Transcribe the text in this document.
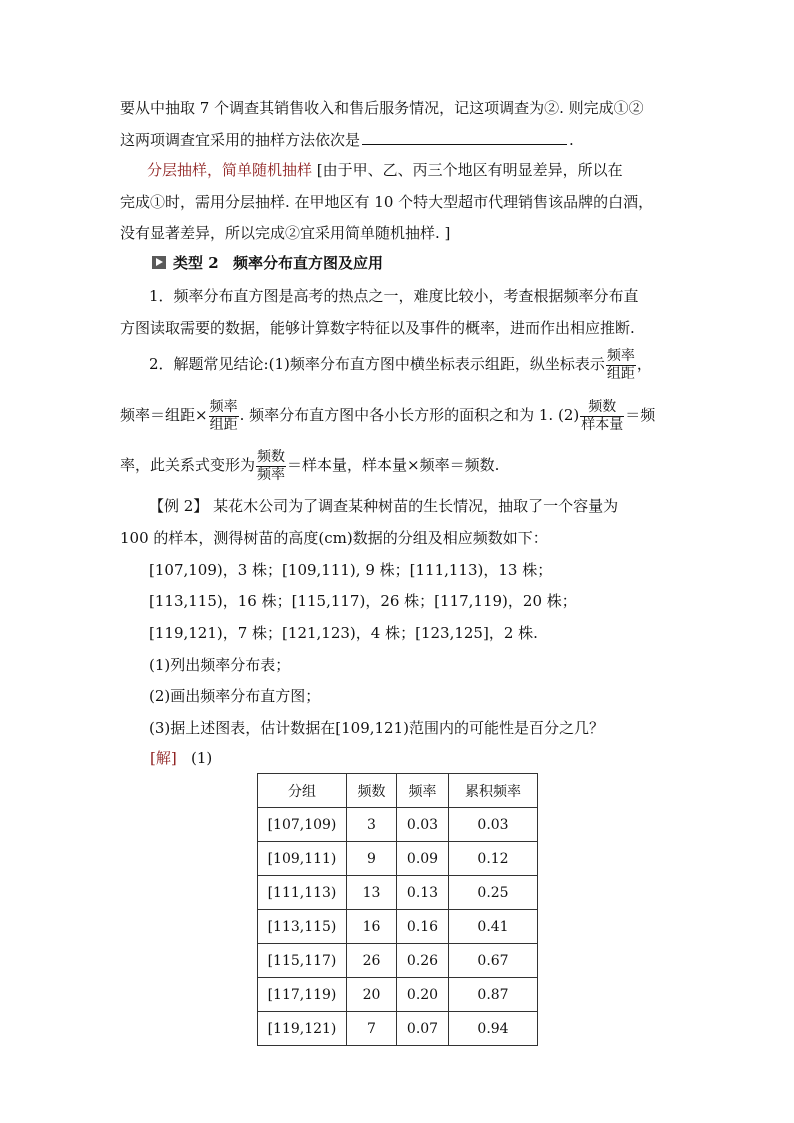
要从中抽取 7 个调查其销售收入和售后服务情况，记这项调查为②. 则完成①②
这两项调查宜采用的抽样方法依次是	.
分层抽样，简单随机抽样 [由于甲、乙、丙三个地区有明显差异，所以在
完成①时，需用分层抽样. 在甲地区有 10 个特大型超市代理销售该品牌的白酒，
没有显著差异，所以完成②宜采用简单随机抽样. ]
类型 2 频率分布直方图及应用
1．频率分布直方图是高考的热点之一，难度比较小，考查根据频率分布直
方图读取需要的数据，能够计算数字特征以及事件的概率，进而作出相应推断.
2．解题常见结论:(1)频率分布直方图中横坐标表示组距，纵坐标表示 $\frac{\text{频率}}{\text{组距}}$ ，
频率＝组距× $\frac{\text{频率}}{\text{组距}}$ . 频率分布直方图中各小长方形的面积之和为 1. $(2) \frac{\text{频数}}{\text{样本量}}$ ＝频
率，此关系式变形为 $\frac{\text{频数}}{\text{频率}}$ ＝样本量，样本量×频率＝频数.
【例 2】 某花木公司为了调查某种树苗的生长情况，抽取了一个容量为
100 的样本，测得树苗的高度(cm)数据的分组及相应频数如下：
[107,109)，3 株；[109,111), 9 株；[111,113)，13 株；
[113,115)，16 株；[115,117)，26 株；[117,119)，20 株；
[119,121)，7 株；[121,123)，4 株；[123,125]，2 株.
(1)列出频率分布表；
(2)画出频率分布直方图；
(3)据上述图表，估计数据在[109,121)范围内的可能性是百分之几？
[解] (1)
分组	频数	频率	累积频率
[107,109)	3	0.03	0.03
[109,111)	9	0.09	0.12
[111,113)	13	0.13	0.25
[113,115)	16	0.16	0.41
[115,117)	26	0.26	0.67
[117,119)	20	0.20	0.87
[119,121)	7	0.07	0.94
